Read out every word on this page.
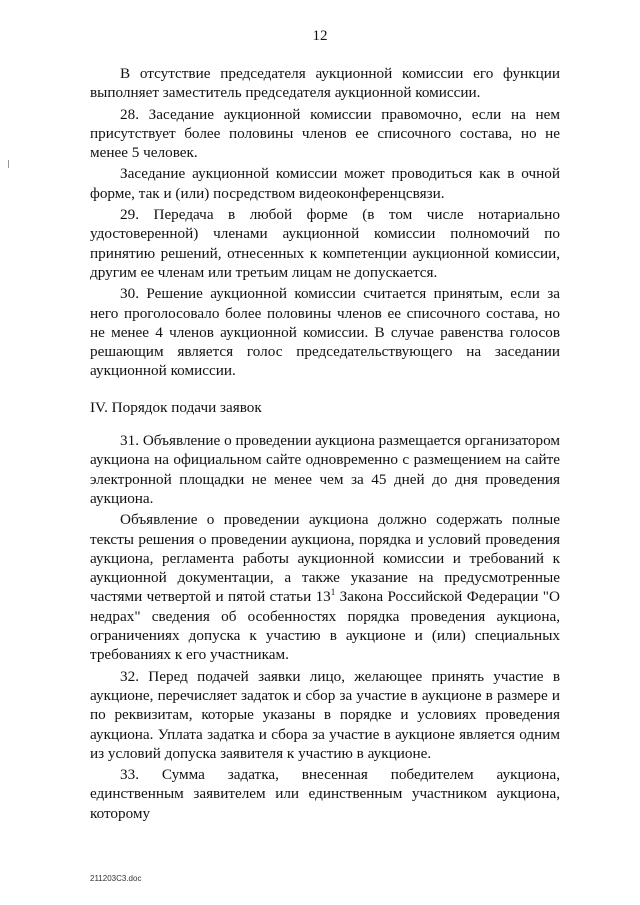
12

В отсутствие председателя аукционной комиссии его функции выполняет заместитель председателя аукционной комиссии.

28. Заседание аукционной комиссии правомочно, если на нем присутствует более половины членов ее списочного состава, но не менее 5 человек.

Заседание аукционной комиссии может проводиться как в очной форме, так и (или) посредством видеоконференцсвязи.

29. Передача в любой форме (в том числе нотариально удостоверенной) членами аукционной комиссии полномочий по принятию решений, отнесенных к компетенции аукционной комиссии, другим ее членам или третьим лицам не допускается.

30. Решение аукционной комиссии считается принятым, если за него проголосовало более половины членов ее списочного состава, но не менее 4 членов аукционной комиссии. В случае равенства голосов решающим является голос председательствующего на заседании аукционной комиссии.

IV. Порядок подачи заявок

31. Объявление о проведении аукциона размещается организатором аукциона на официальном сайте одновременно с размещением на сайте электронной площадки не менее чем за 45 дней до дня проведения аукциона.

Объявление о проведении аукциона должно содержать полные тексты решения о проведении аукциона, порядка и условий проведения аукциона, регламента работы аукционной комиссии и требований к аукционной документации, а также указание на предусмотренные частями четвертой и пятой статьи $13^1$ Закона Российской Федерации "О недрах" сведения об особенностях порядка проведения аукциона, ограничениях допуска к участию в аукционе и (или) специальных требованиях к его участникам.

32. Перед подачей заявки лицо, желающее принять участие в аукционе, перечисляет задаток и сбор за участие в аукционе в размере и по реквизитам, которые указаны в порядке и условиях проведения аукциона. Уплата задатка и сбора за участие в аукционе является одним из условий допуска заявителя к участию в аукционе.

33. Сумма задатка, внесенная победителем аукциона, единственным заявителем или единственным участником аукциона, которому

211203С3.doc
